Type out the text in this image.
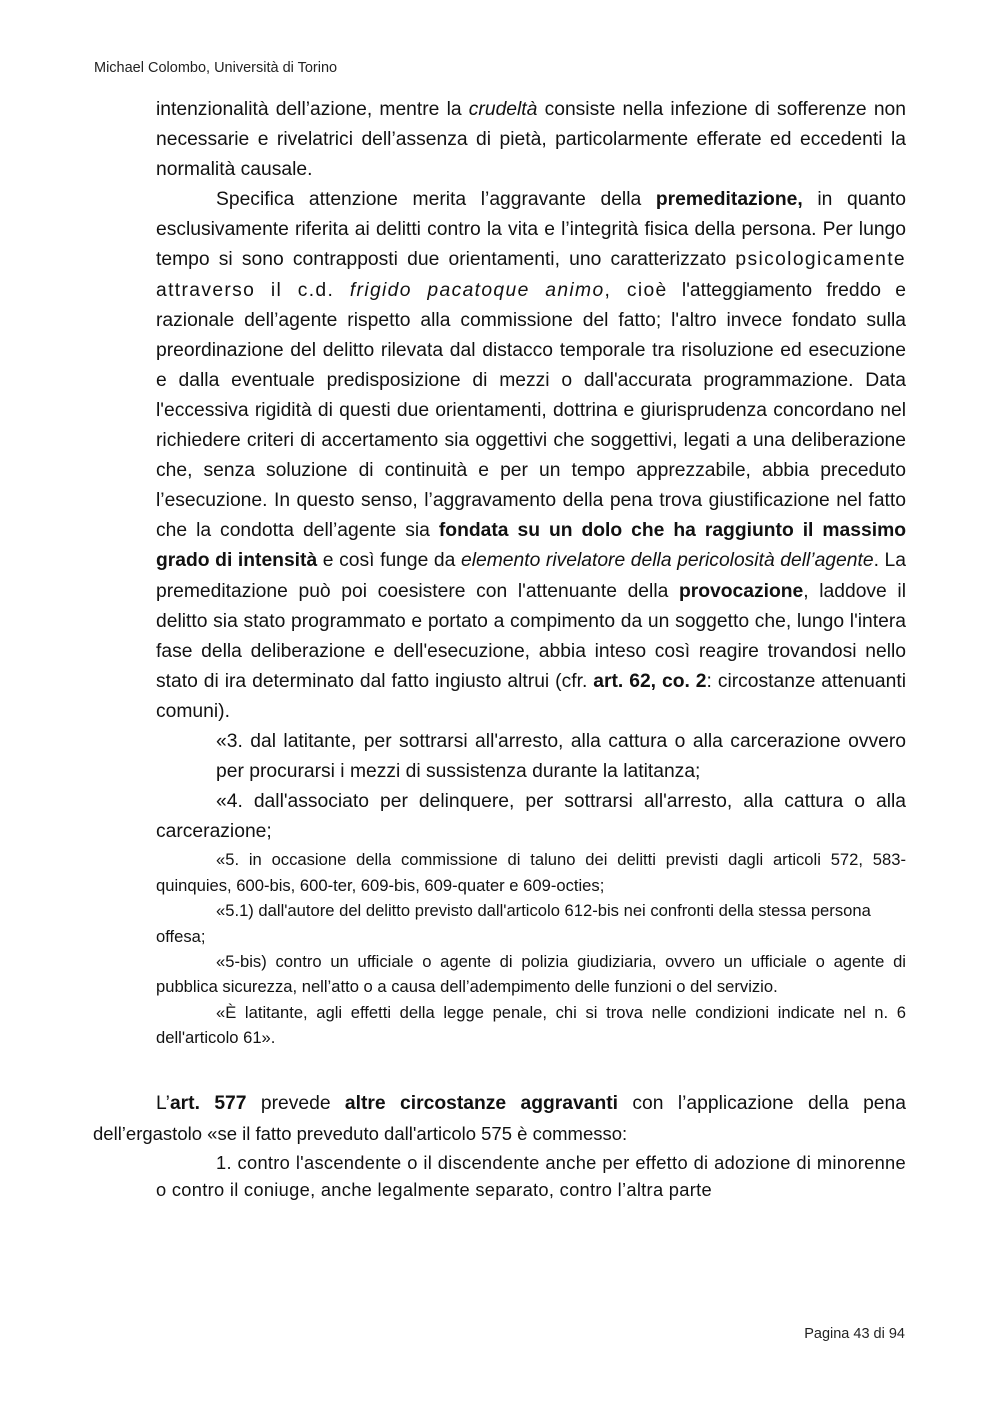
Michael Colombo, Università di Torino

intenzionalità dell’azione, mentre la crudeltà consiste nella infezione di sofferenze non necessarie e rivelatrici dell’assenza di pietà, particolarmente efferate ed eccedenti la normalità causale.

Specifica attenzione merita l’aggravante della premeditazione, in quanto esclusivamente riferita ai delitti contro la vita e l’integrità fisica della persona. Per lungo tempo si sono contrapposti due orientamenti, uno caratterizzato psicologicamente attraverso il c.d. frigido pacatoque animo, cioè l'atteggiamento freddo e razionale dell’agente rispetto alla commissione del fatto; l'altro invece fondato sulla preordinazione del delitto rilevata dal distacco temporale tra risoluzione ed esecuzione e dalla eventuale predisposizione di mezzi o dall'accurata programmazione. Data l'eccessiva rigidità di questi due orientamenti, dottrina e giurisprudenza concordano nel richiedere criteri di accertamento sia oggettivi che soggettivi, legati a una deliberazione che, senza soluzione di continuità e per un tempo apprezzabile, abbia preceduto l’esecuzione. In questo senso, l’aggravamento della pena trova giustificazione nel fatto che la condotta dell’agente sia fondata su un dolo che ha raggiunto il massimo grado di intensità e così funge da elemento rivelatore della pericolosità dell’agente. La premeditazione può poi coesistere con l'attenuante della provocazione, laddove il delitto sia stato programmato e portato a compimento da un soggetto che, lungo l'intera fase della deliberazione e dell'esecuzione, abbia inteso così reagire trovandosi nello stato di ira determinato dal fatto ingiusto altrui (cfr. art. 62, co. 2: circostanze attenuanti comuni).

«3. dal latitante, per sottrarsi all'arresto, alla cattura o alla carcerazione ovvero per procurarsi i mezzi di sussistenza durante la latitanza;

«4. dall'associato per delinquere, per sottrarsi all'arresto, alla cattura o alla carcerazione;

«5. in occasione della commissione di taluno dei delitti previsti dagli articoli 572, 583-quinquies, 600-bis, 600-ter, 609-bis, 609-quater e 609-octies;

«5.1) dall'autore del delitto previsto dall'articolo 612-bis nei confronti della stessa persona offesa;

«5-bis) contro un ufficiale o agente di polizia giudiziaria, ovvero un ufficiale o agente di pubblica sicurezza, nell’atto o a causa dell’adempimento delle funzioni o del servizio.

«È latitante, agli effetti della legge penale, chi si trova nelle condizioni indicate nel n. 6 dell'articolo 61».

L’art. 577 prevede altre circostanze aggravanti con l’applicazione della pena

dell’ergastolo «se il fatto preveduto dall'articolo 575 è commesso:

1. contro l'ascendente o il discendente anche per effetto di adozione di minorenne o contro il coniuge, anche legalmente separato, contro l’altra parte

Pagina 43 di 94
